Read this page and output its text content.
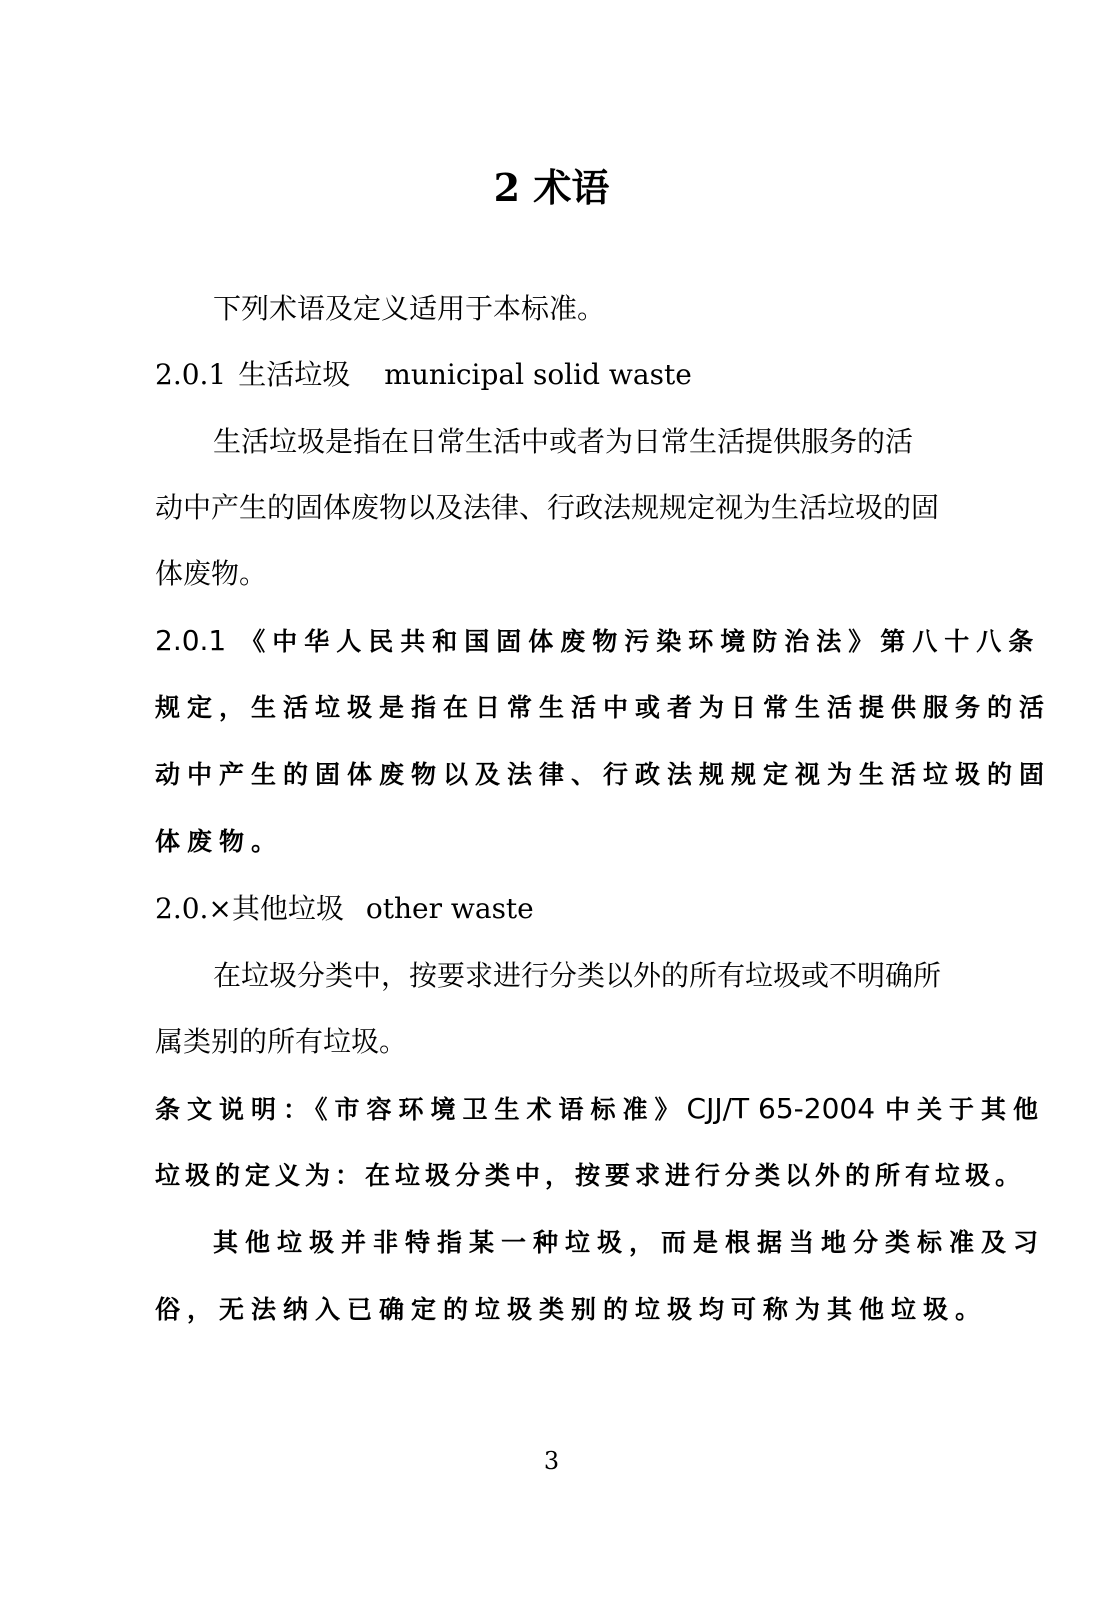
2 术语
下列术语及定义适用于本标准。
2.0.1 生活垃圾 municipal solid waste
生活垃圾是指在日常生活中或者为日常生活提供服务的活
动中产生的固体废物以及法律、行政法规规定视为生活垃圾的固
体废物。
2.0.1 《中华人民共和国固体废物污染环境防治法》第八十八条
规定，生活垃圾是指在日常生活中或者为日常生活提供服务的活
动中产生的固体废物以及法律、行政法规规定视为生活垃圾的固
体废物。
2.0.×其他垃圾 other waste
在垃圾分类中，按要求进行分类以外的所有垃圾或不明确所
属类别的所有垃圾。
条文说明：《市容环境卫生术语标准》CJJ/T 65-2004 中关于其他
垃圾的定义为：在垃圾分类中，按要求进行分类以外的所有垃圾。
其他垃圾并非特指某一种垃圾，而是根据当地分类标准及习
俗，无法纳入已确定的垃圾类别的垃圾均可称为其他垃圾。
3
